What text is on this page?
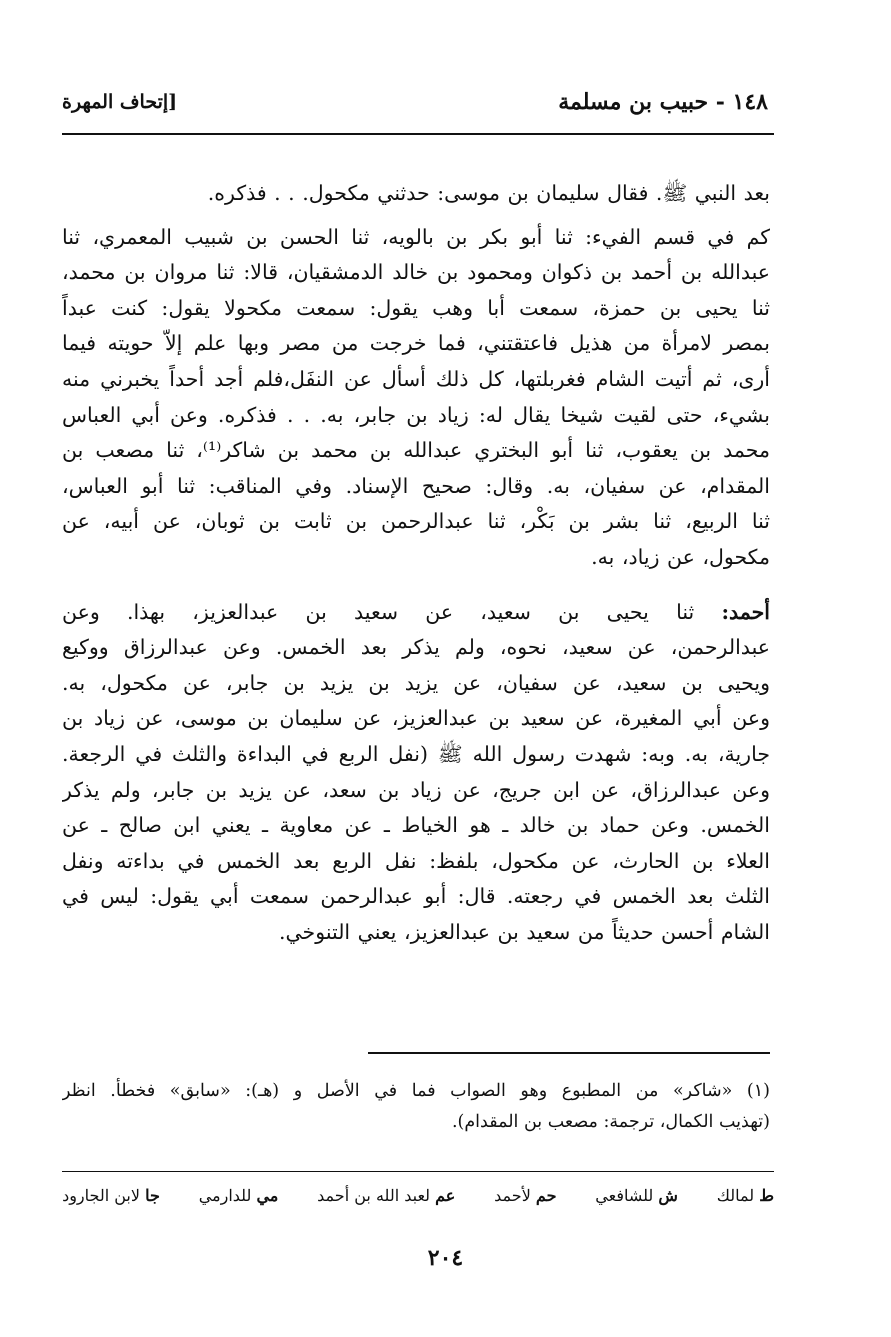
١٤٨ - حبيب بن مسلمة
[إتحاف المهرة

بعد النبي ﷺ. فقال سليمان بن موسى: حدثني مكحول. . . فذكره.

كم في قسم الفيء: ثنا أبو بكر بن بالويه، ثنا الحسن بن شبيب المعمري، ثنا
عبدالله بن أحمد بن ذكوان ومحمود بن خالد الدمشقيان، قالا: ثنا مروان بن محمد،
ثنا يحيى بن حمزة، سمعت أبا وهب يقول: سمعت مكحولا يقول: كنت عبداً
بمصر لامرأة من هذيل فاعتقتني، فما خرجت من مصر وبها علم إلاّ حويته فيما
أرى، ثم أتيت الشام فغربلتها، كل ذلك أسأل عن النفَل،فلم أجد أحداً يخبرني منه
بشيء، حتى لقيت شيخا يقال له: زياد بن جابر، به. . . فذكره. وعن أبي العباس
محمد بن يعقوب، ثنا أبو البختري عبدالله بن محمد بن شاكر⁽¹⁾، ثنا مصعب بن
المقدام، عن سفيان، به. وقال: صحيح الإسناد. وفي المناقب: ثنا أبو العباس،
ثنا الربيع، ثنا بشر بن بَكْر، ثنا عبدالرحمن بن ثابت بن ثوبان، عن أبيه، عن
مكحول، عن زياد، به.

أحمد: ثنا يحيى بن سعيد، عن سعيد بن عبدالعزيز، بهذا. وعن
عبدالرحمن، عن سعيد، نحوه، ولم يذكر بعد الخمس. وعن عبدالرزاق ووكيع
ويحيى بن سعيد، عن سفيان، عن يزيد بن يزيد بن جابر، عن مكحول، به.
وعن أبي المغيرة، عن سعيد بن عبدالعزيز، عن سليمان بن موسى، عن زياد بن
جارية، به. وبه: شهدت رسول الله ﷺ (نفل الربع في البداءة والثلث في الرجعة.
وعن عبدالرزاق، عن ابن جريج، عن زياد بن سعد، عن يزيد بن جابر، ولم يذكر
الخمس. وعن حماد بن خالد ـ هو الخياط ـ عن معاوية ـ يعني ابن صالح ـ عن
العلاء بن الحارث، عن مكحول، بلفظ: نفل الربع بعد الخمس في بداءته ونفل
الثلث بعد الخمس في رجعته. قال: أبو عبدالرحمن سمعت أبي يقول: ليس في
الشام أحسن حديثاً من سعيد بن عبدالعزيز، يعني التنوخي.

(١) «شاكر» من المطبوع وهو الصواب فما في الأصل و (هـ): «سابق» فخطأ. انظر
(تهذيب الكمال، ترجمة: مصعب بن المقدام).
ط لمالك
ش للشافعي
حم لأحمد
عم لعبد الله بن أحمد
مي للدارمي
جا لابن الجارود
٢٠٤
